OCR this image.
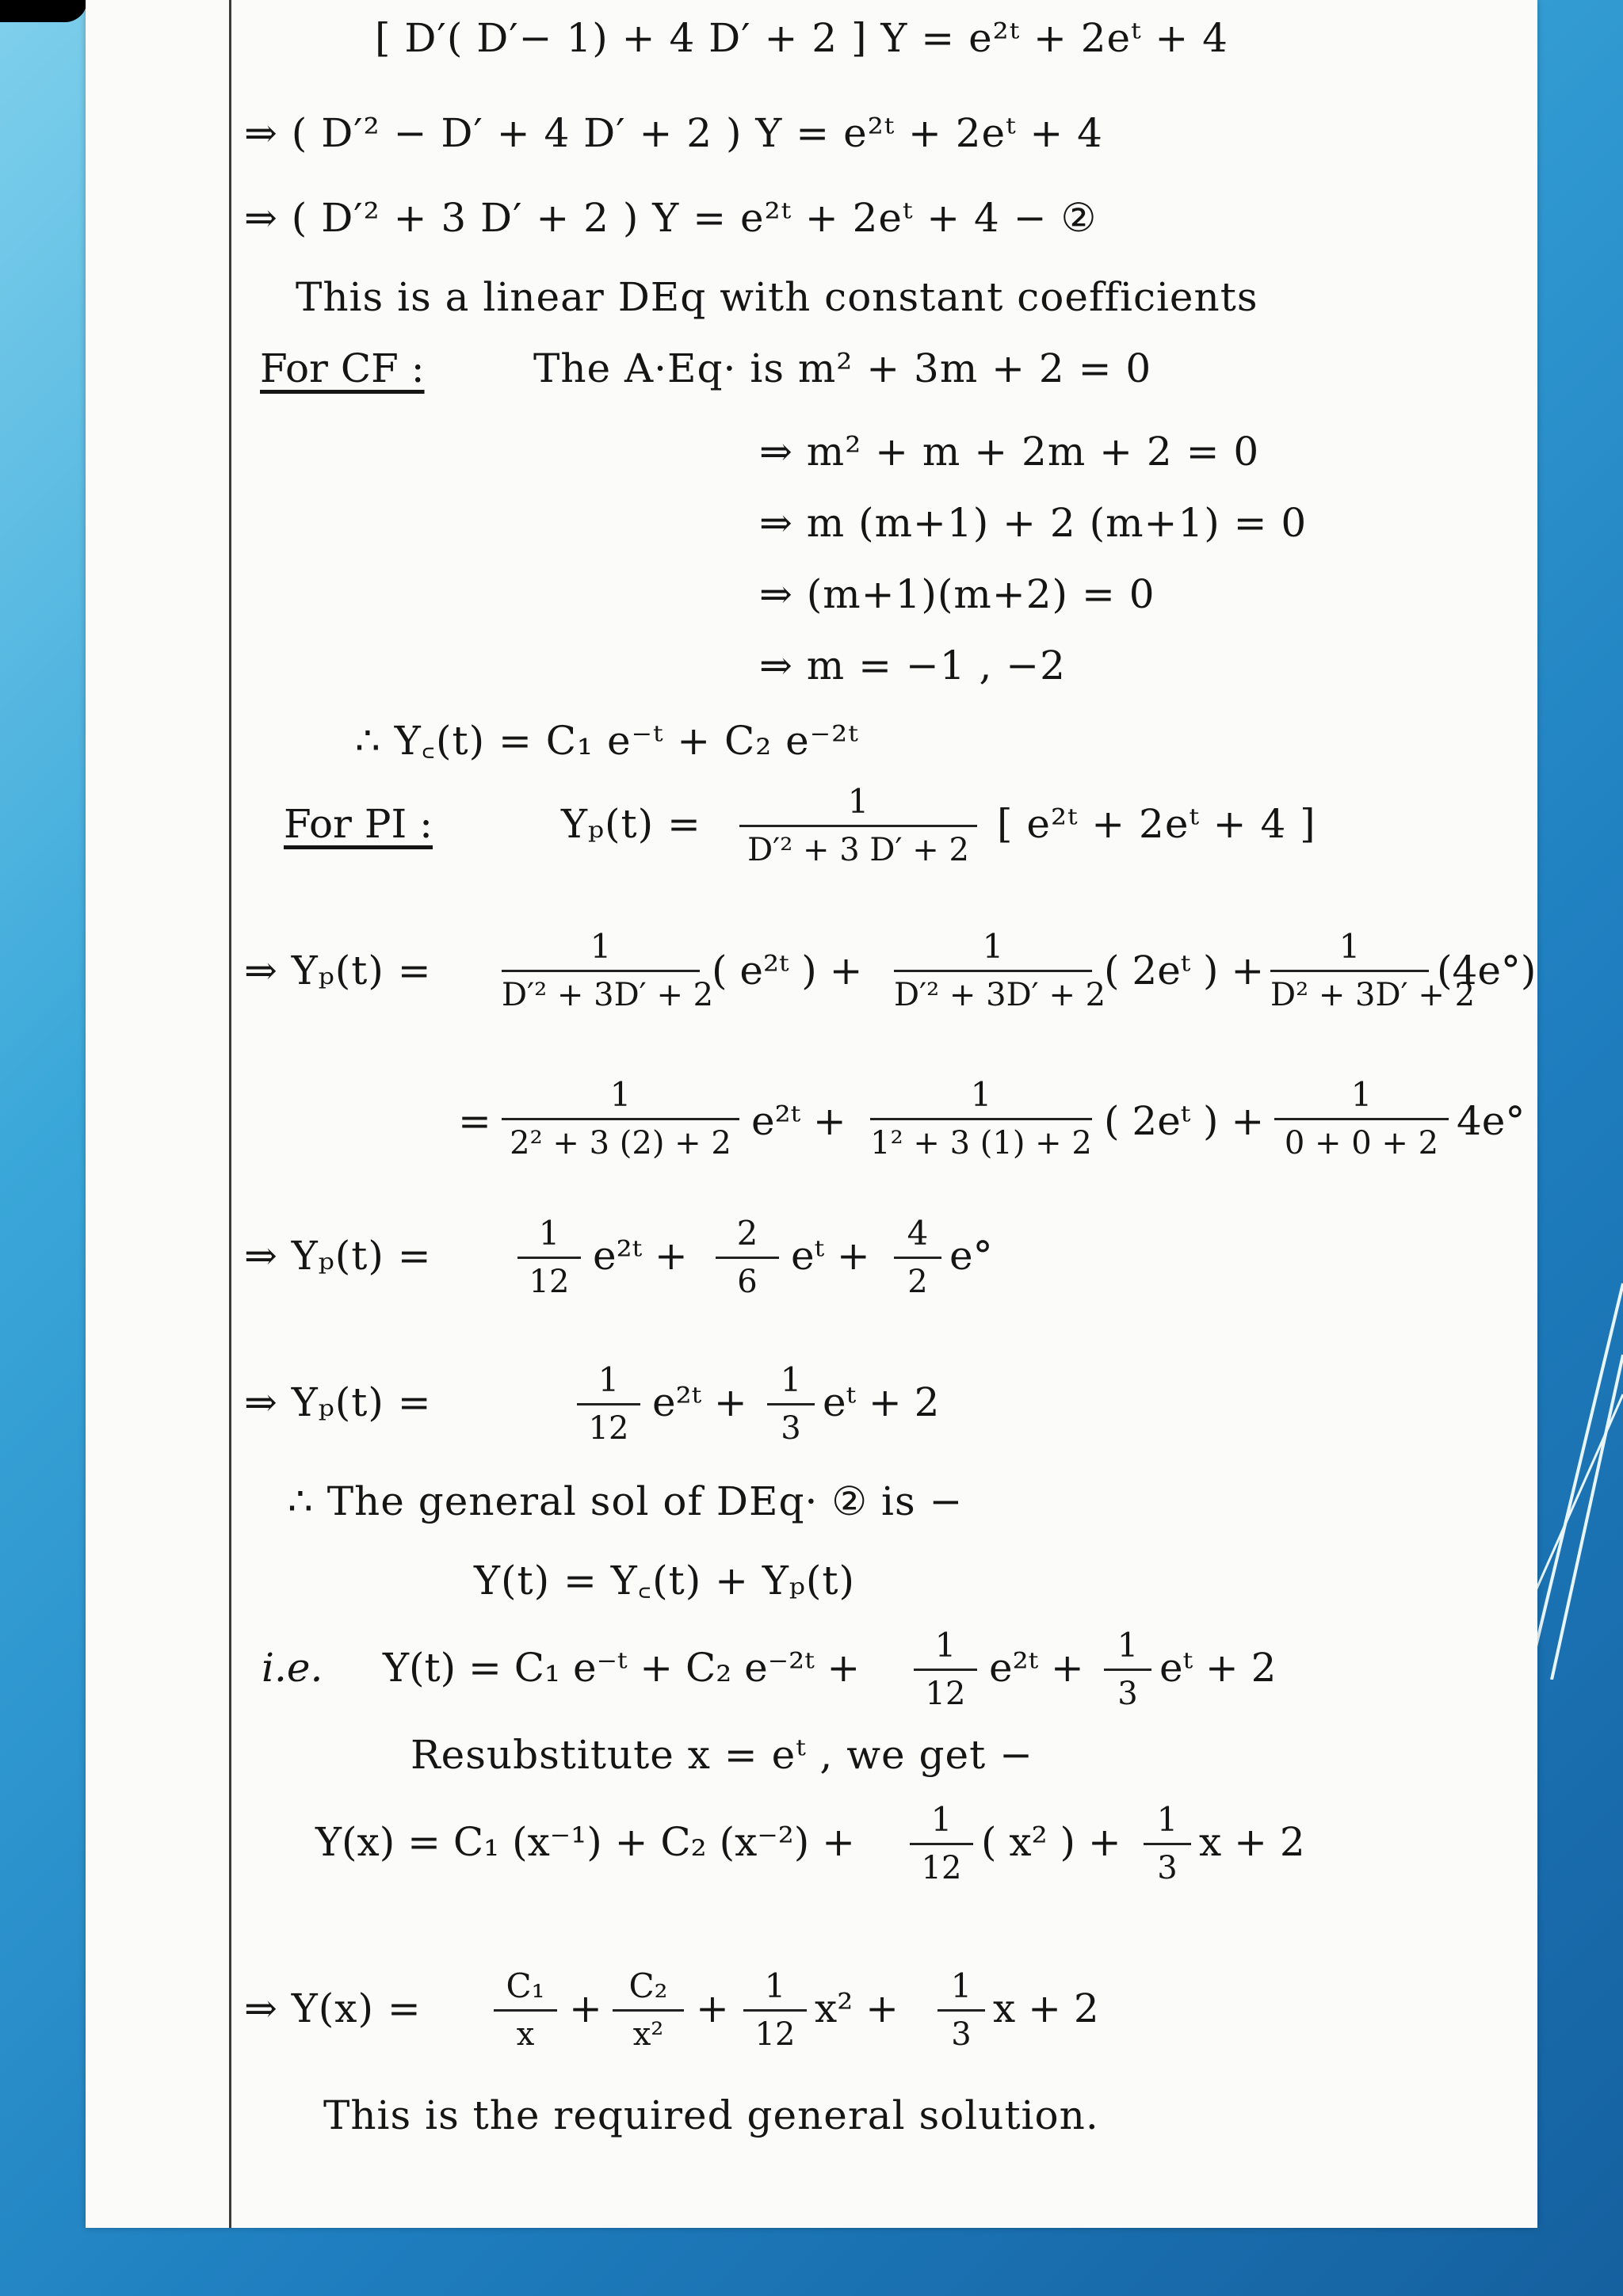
[ D′( D′− 1) + 4 D′ + 2 ] Y = e²ᵗ + 2eᵗ + 4
⇒ ( D′² − D′ + 4 D′ + 2 ) Y = e²ᵗ + 2eᵗ + 4
⇒ ( D′² + 3 D′ + 2 ) Y = e²ᵗ + 2eᵗ + 4 − ②
This is a linear DEq with constant coefficients
For CF :	The A·Eq· is m² + 3m + 2 = 0
⇒ m² + m + 2m + 2 = 0
⇒ m (m+1) + 2 (m+1) = 0
⇒ (m+1)(m+2) = 0
⇒ m = −1 , −2
∴ Y꜀(t) = C₁ e⁻ᵗ + C₂ e⁻²ᵗ
For PI :	Yₚ(t) =	1
D′² + 3 D′ + 2
[ e²ᵗ + 2eᵗ + 4 ]
⇒ Yₚ(t) =
1
D′² + 3D′ + 2
( e²ᵗ ) +
1
D′² + 3D′ + 2
( 2eᵗ ) +
1
D² + 3D′ + 2
(4e°)
=
1
2² + 3 (2) + 2 e²ᵗ +
1
1² + 3 (1) + 2 ( 2eᵗ ) +
1
0 + 0 + 2 4e°
⇒ Yₚ(t) =	1
12
e²ᵗ +	2
6
eᵗ +	4
2
e°
⇒ Yₚ(t) =	1
12
e²ᵗ + 1
3
eᵗ + 2
∴ The general sol of DEq· ② is −
Y(t) = Y꜀(t) + Yₚ(t)
i.e. Y(t) = C₁ e⁻ᵗ + C₂ e⁻²ᵗ +	1
12
e²ᵗ + 1
3
eᵗ + 2
Resubstitute x = eᵗ , we get −
Y(x) = C₁ (x⁻¹) + C₂ (x⁻²) +	1
12
( x² ) +	1
3
x + 2
⇒ Y(x) =	C₁
x
+ C₂
x²
+	1
12
x² +	1
3
x + 2
This is the required general solution.
